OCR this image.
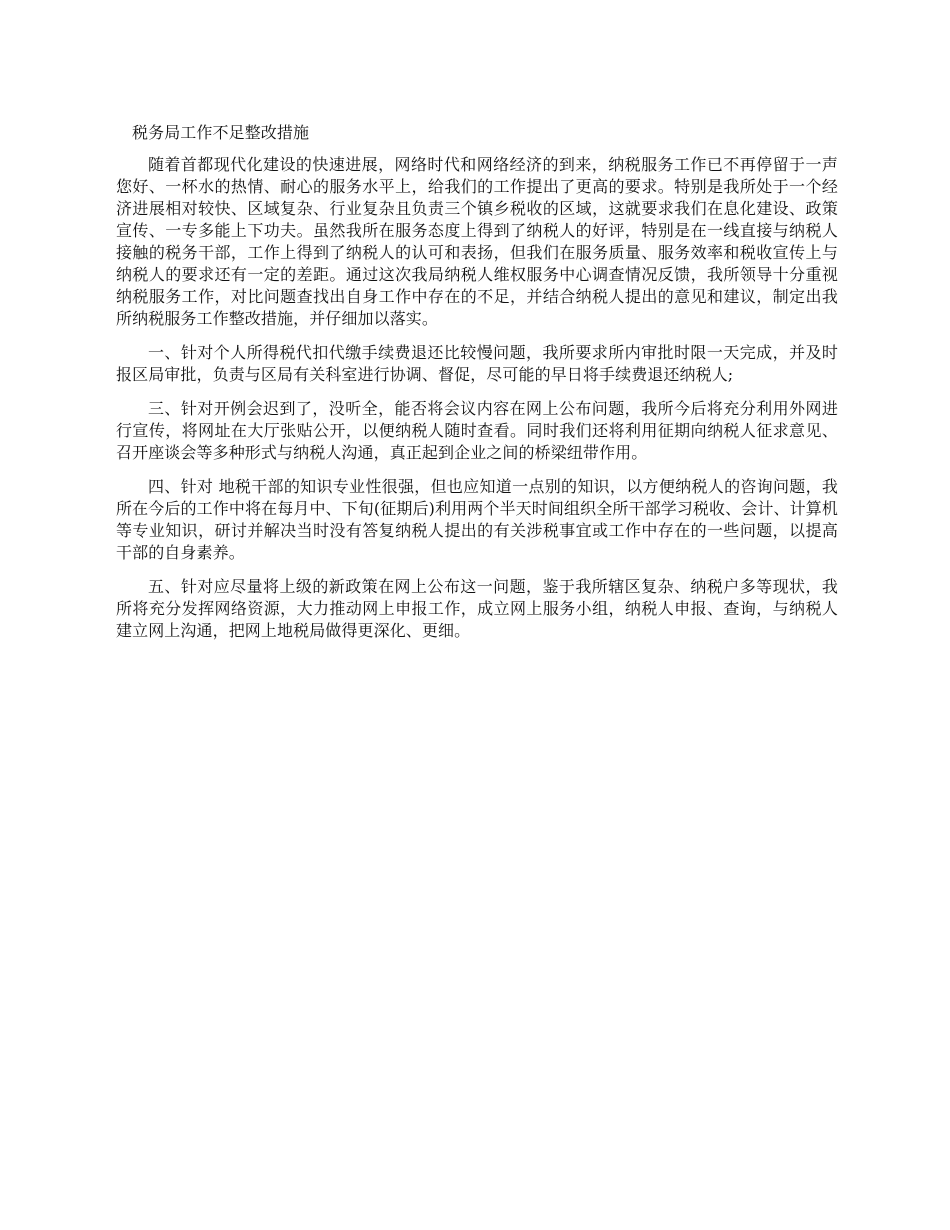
税务局工作不足整改措施

随着首都现代化建设的快速进展，网络时代和网络经济的到来，纳税服务工作已不再停留于一声您好、一杯水的热情、耐心的服务水平上，给我们的工作提出了更高的要求。特别是我所处于一个经济进展相对较快、区域复杂、行业复杂且负责三个镇乡税收的区域，这就要求我们在息化建设、政策宣传、一专多能上下功夫。虽然我所在服务态度上得到了纳税人的好评，特别是在一线直接与纳税人接触的税务干部，工作上得到了纳税人的认可和表扬，但我们在服务质量、服务效率和税收宣传上与纳税人的要求还有一定的差距。通过这次我局纳税人维权服务中心调查情况反馈，我所领导十分重视纳税服务工作，对比问题查找出自身工作中存在的不足，并结合纳税人提出的意见和建议，制定出我所纳税服务工作整改措施，并仔细加以落实。

一、针对个人所得税代扣代缴手续费退还比较慢问题，我所要求所内审批时限一天完成，并及时报区局审批，负责与区局有关科室进行协调、督促，尽可能的早日将手续费退还纳税人;

三、针对开例会迟到了，没听全，能否将会议内容在网上公布问题，我所今后将充分利用外网进行宣传，将网址在大厅张贴公开，以便纳税人随时查看。同时我们还将利用征期向纳税人征求意见、召开座谈会等多种形式与纳税人沟通，真正起到企业之间的桥梁纽带作用。

四、针对 地税干部的知识专业性很强，但也应知道一点别的知识，以方便纳税人的咨询问题，我所在今后的工作中将在每月中、下旬(征期后)利用两个半天时间组织全所干部学习税收、会计、计算机等专业知识，研讨并解决当时没有答复纳税人提出的有关涉税事宜或工作中存在的一些问题，以提高干部的自身素养。

五、针对应尽量将上级的新政策在网上公布这一问题，鉴于我所辖区复杂、纳税户多等现状，我所将充分发挥网络资源，大力推动网上申报工作，成立网上服务小组，纳税人申报、查询，与纳税人建立网上沟通，把网上地税局做得更深化、更细。
